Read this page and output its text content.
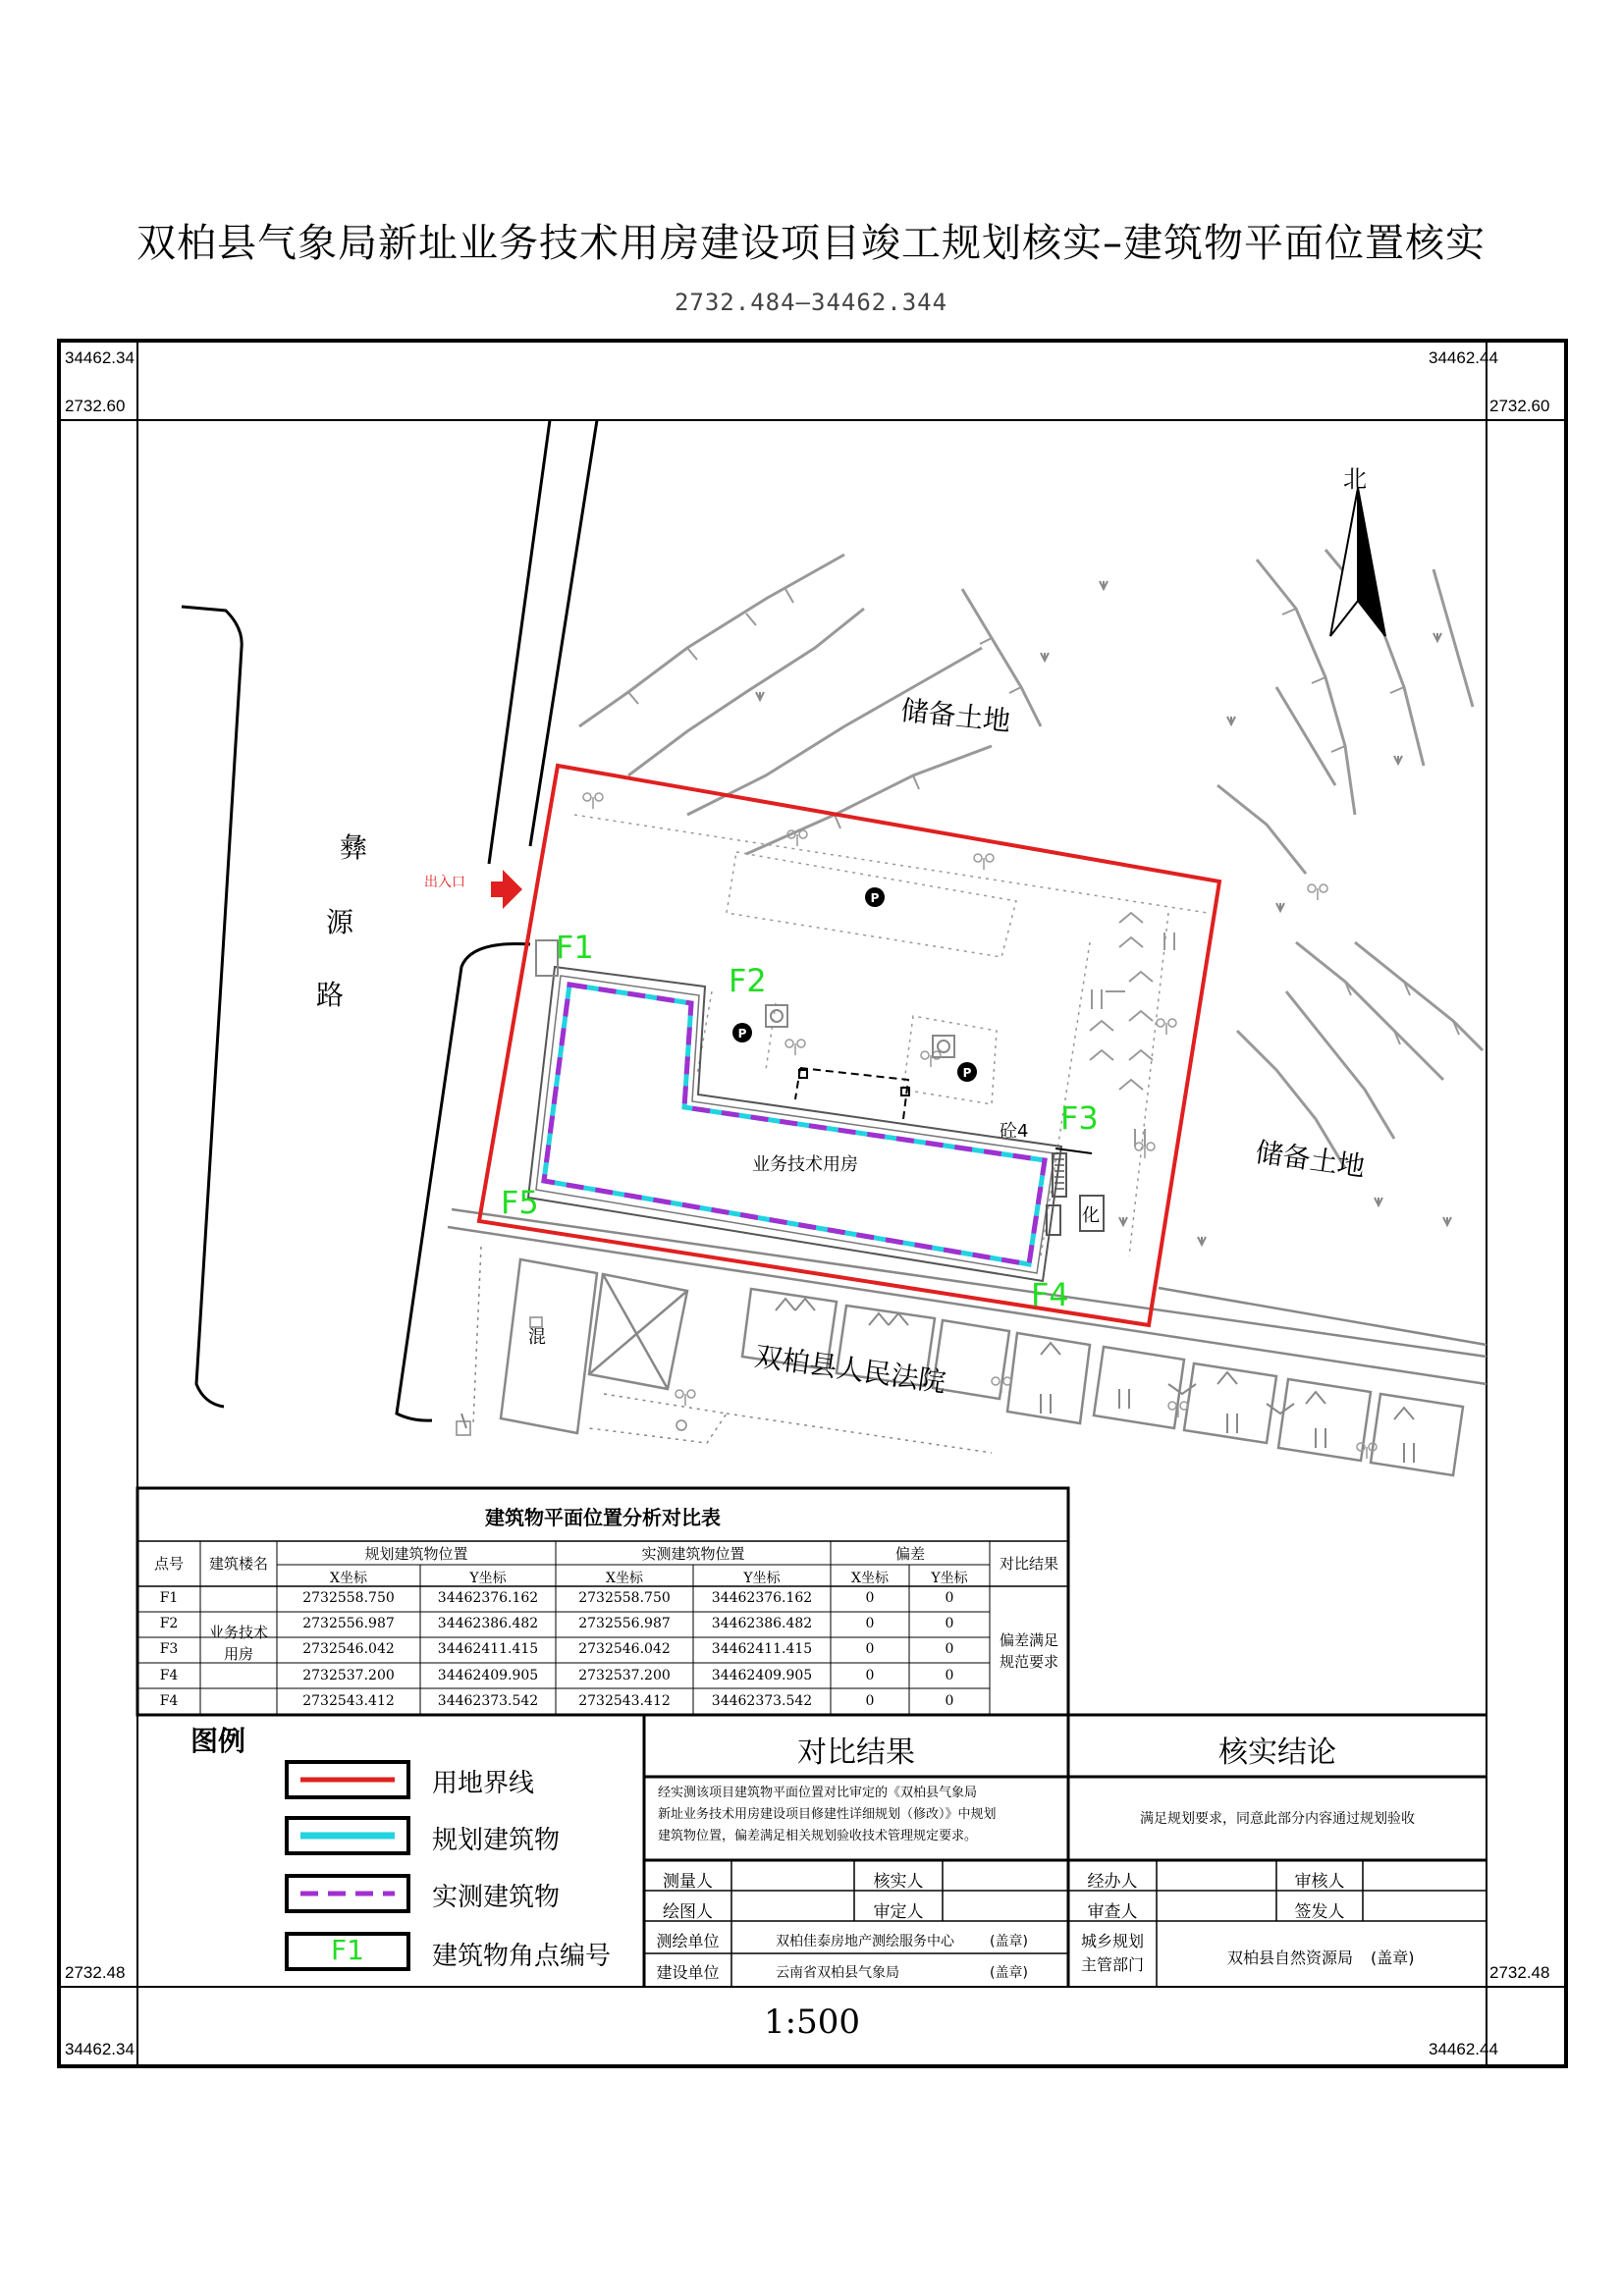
双柏县气象局新址业务技术用房建设项目竣工规划核实–建筑物平面位置核实
2732.484–34462.344
34462.34	34462.44
2732.60	2732.60
2732.48	2732.48
34462.34	34462.44
P
P
P
北
彝
源
路
出入口
储备土地
储备土地
业务技术用房
砼4
双柏县人民法院
混
化
F1
F2
F3
F4
F5
建筑物平面位置分析对比表
点号	建筑楼名
规划建筑物位置	实测建筑物位置	偏差
对比结果
X坐标	Y坐标	X坐标	Y坐标	X坐标	Y坐标
业务技术
用房
偏差满足
规范要求
F1	2732558.750	34462376.162	2732558.750	34462376.162	0	0
F2	2732556.987	34462386.482	2732556.987	34462386.482	0	0
F3	2732546.042	34462411.415	2732546.042	34462411.415	0	0
F4	2732537.200	34462409.905	2732537.200	34462409.905	0	0
F4	2732543.412	34462373.542	2732543.412	34462373.542	0	0
图例
用地界线
规划建筑物
实测建筑物
建筑物角点编号
F1
对比结果	核实结论
经实测该项目建筑物平面位置对比审定的《双柏县气象局
新址业务技术用房建设项目修建性详细规划（修改）》中规划
建筑物位置，偏差满足相关规划验收技术管理规定要求。
满足规划要求，同意此部分内容通过规划验收
测量人	核实人	经办人	审核人
绘图人	审定人	审查人	签发人
测绘单位	双柏佳泰房地产测绘服务中心	(盖章)
建设单位	云南省双柏县气象局	(盖章)
城乡规划
主管部门	双柏县自然资源局 (盖章)
1:500
